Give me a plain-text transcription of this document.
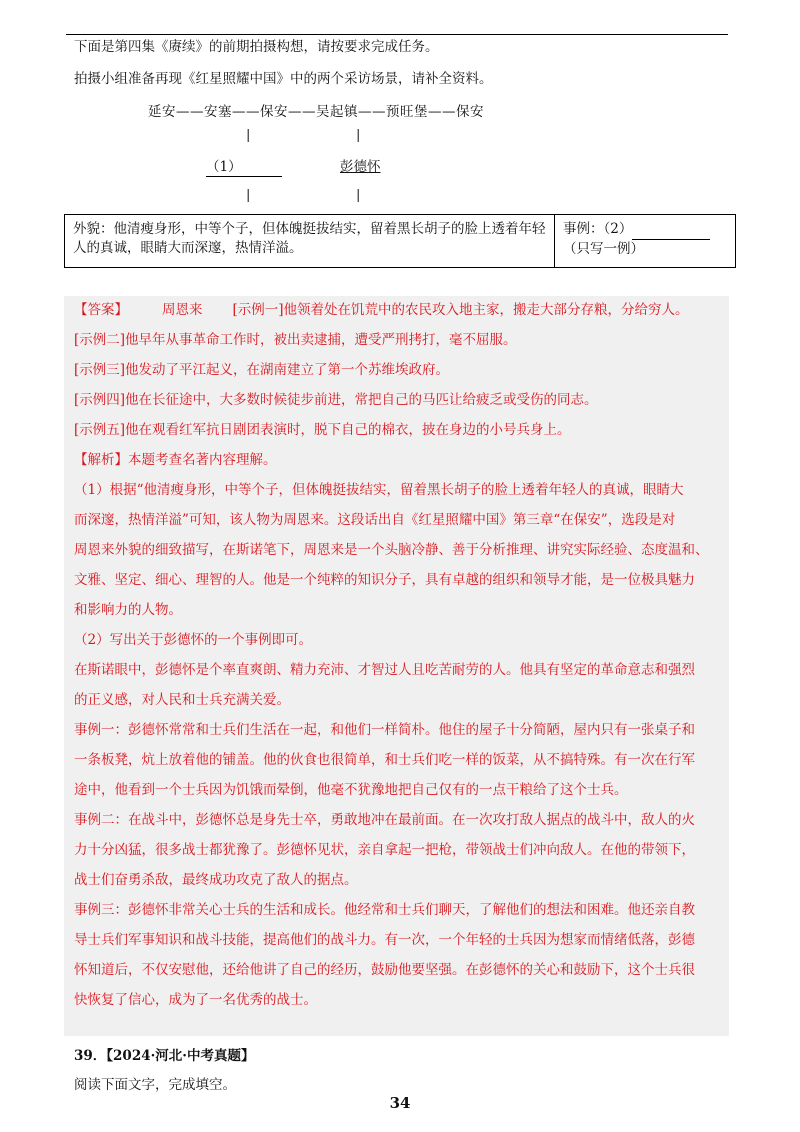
下面是第四集《赓续》的前期拍摄构想，请按要求完成任务。
拍摄小组准备再现《红星照耀中国》中的两个采访场景，请补全资料。
延安——安塞——保安——吴起镇——预旺堡——保安
|	|
（1）	彭德怀
|	|
外貌：他清瘦身形，中等个子，但体魄挺拔结实，留着黑长胡子的脸上透着年轻人的真诚，眼睛大而深邃，热情洋溢。
事例：（2）
（只写一例）
【答案】	周恩来 [示例一]他领着处在饥荒中的农民攻入地主家，搬走大部分存粮，分给穷人。
[示例二]他早年从事革命工作时，被出卖逮捕，遭受严刑拷打，毫不屈服。
[示例三]他发动了平江起义，在湖南建立了第一个苏维埃政府。
[示例四]他在长征途中，大多数时候徒步前进，常把自己的马匹让给疲乏或受伤的同志。
[示例五]他在观看红军抗日剧团表演时，脱下自己的棉衣，披在身边的小号兵身上。
【解析】本题考查名著内容理解。
（1）根据“他清瘦身形，中等个子，但体魄挺拔结实，留着黑长胡子的脸上透着年轻人的真诚，眼睛大
而深邃，热情洋溢”可知，该人物为周恩来。这段话出自《红星照耀中国》第三章“在保安”，选段是对
周恩来外貌的细致描写，在斯诺笔下，周恩来是一个头脑冷静、善于分析推理、讲究实际经验、态度温和、
文雅、坚定、细心、理智的人。他是一个纯粹的知识分子，具有卓越的组织和领导才能，是一位极具魅力
和影响力的人物。
（2）写出关于彭德怀的一个事例即可。
在斯诺眼中，彭德怀是个率直爽朗、精力充沛、才智过人且吃苦耐劳的人。他具有坚定的革命意志和强烈
的正义感，对人民和士兵充满关爱。
事例一：彭德怀常常和士兵们生活在一起，和他们一样简朴。他住的屋子十分简陋，屋内只有一张桌子和
一条板凳，炕上放着他的铺盖。他的伙食也很简单，和士兵们吃一样的饭菜，从不搞特殊。有一次在行军
途中，他看到一个士兵因为饥饿而晕倒，他毫不犹豫地把自己仅有的一点干粮给了这个士兵。
事例二：在战斗中，彭德怀总是身先士卒，勇敢地冲在最前面。在一次攻打敌人据点的战斗中，敌人的火
力十分凶猛，很多战士都犹豫了。彭德怀见状，亲自拿起一把枪，带领战士们冲向敌人。在他的带领下，
战士们奋勇杀敌，最终成功攻克了敌人的据点。
事例三：彭德怀非常关心士兵的生活和成长。他经常和士兵们聊天，了解他们的想法和困难。他还亲自教
导士兵们军事知识和战斗技能，提高他们的战斗力。有一次，一个年轻的士兵因为想家而情绪低落，彭德
怀知道后，不仅安慰他，还给他讲了自己的经历，鼓励他要坚强。在彭德怀的关心和鼓励下，这个士兵很
快恢复了信心，成为了一名优秀的战士。
39．【2024·河北·中考真题】
阅读下面文字，完成填空。
34
